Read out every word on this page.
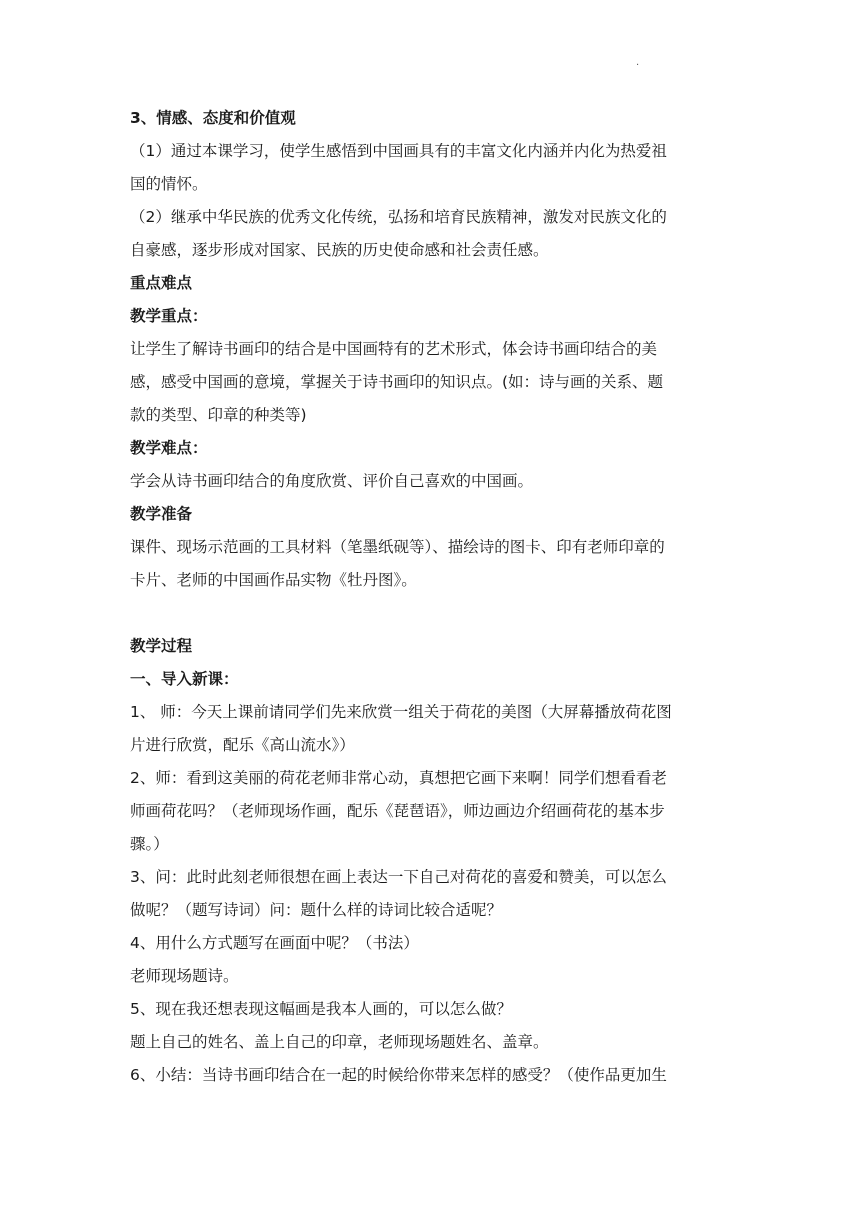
.
3、情感、态度和价值观
（1）通过本课学习，使学生感悟到中国画具有的丰富文化内涵并内化为热爱祖
国的情怀。
（2）继承中华民族的优秀文化传统，弘扬和培育民族精神，激发对民族文化的
自豪感，逐步形成对国家、民族的历史使命感和社会责任感。
重点难点
教学重点：
让学生了解诗书画印的结合是中国画特有的艺术形式，体会诗书画印结合的美
感，感受中国画的意境，掌握关于诗书画印的知识点。(如：诗与画的关系、题
款的类型、印章的种类等)
教学难点：
学会从诗书画印结合的角度欣赏、评价自己喜欢的中国画。
教学准备
课件、现场示范画的工具材料（笔墨纸砚等）、描绘诗的图卡、印有老师印章的
卡片、老师的中国画作品实物《牡丹图》。
教学过程
一、导入新课：
1、 师：今天上课前请同学们先来欣赏一组关于荷花的美图（大屏幕播放荷花图
片进行欣赏，配乐《高山流水》）
2、师：看到这美丽的荷花老师非常心动，真想把它画下来啊！同学们想看看老
师画荷花吗？（老师现场作画，配乐《琵琶语》，师边画边介绍画荷花的基本步
骤。）
3、问：此时此刻老师很想在画上表达一下自己对荷花的喜爱和赞美，可以怎么
做呢？（题写诗词）问：题什么样的诗词比较合适呢？
4、用什么方式题写在画面中呢？（书法）
老师现场题诗。
5、现在我还想表现这幅画是我本人画的，可以怎么做？
题上自己的姓名、盖上自己的印章，老师现场题姓名、盖章。
6、小结：当诗书画印结合在一起的时候给你带来怎样的感受？（使作品更加生
